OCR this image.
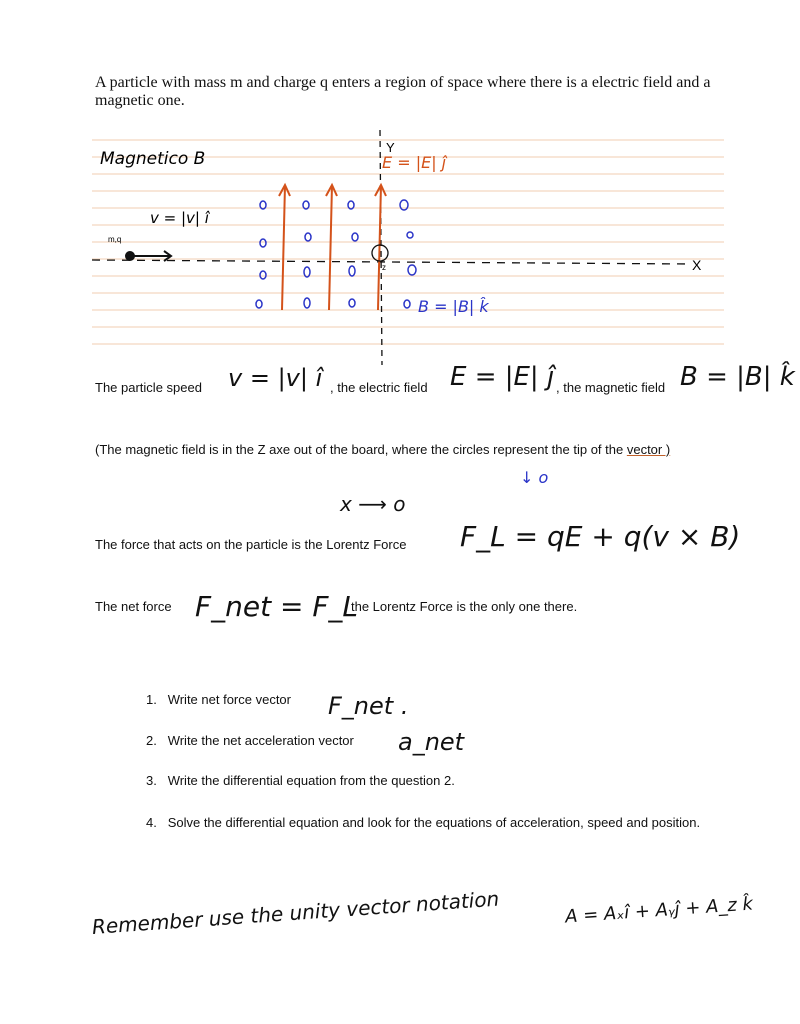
A particle with mass m and charge q enters a region of space where there is a electric field and a magnetic one.
Magnetico B
v = |v| î
m,q
Y
X
z
E = |E| ĵ
B = |B| k̂
The particle speed v = |v| î , the electric field E = |E| ĵ , the magnetic field B = |B| k̂
(The magnetic field is in the Z axe out of the board, where the circles represent the tip of the vector )
x ⟶ o
↓ o
The force that acts on the particle is the Lorentz Force F_L = qE + q(v × B)
The net force F_net = F_L
the Lorentz Force is the only one there.
1. Write net force vector F_net .
2. Write the net acceleration vector a_net
3. Write the differential equation from the question 2.
4. Solve the differential equation and look for the equations of acceleration, speed and position.
Remember use the unity vector notation	A = Aₓî + Aᵧĵ + A_z k̂
